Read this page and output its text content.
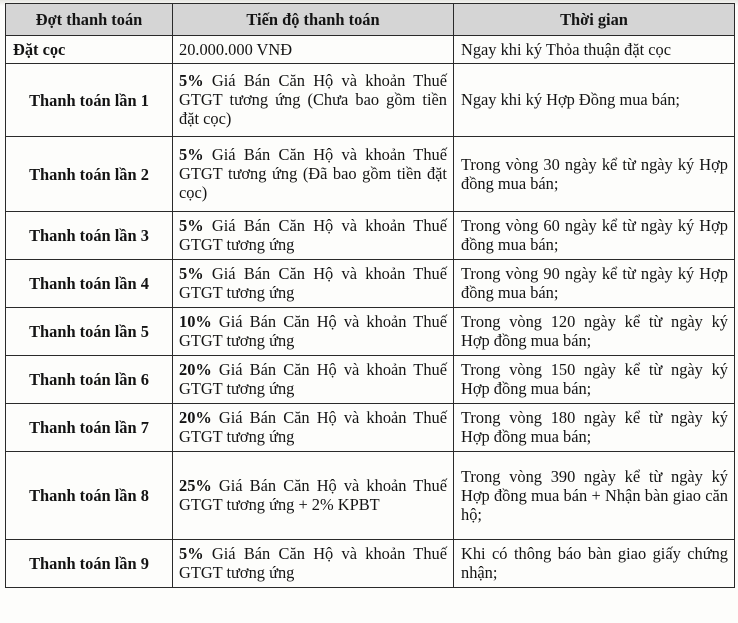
Đợt thanh toán	Tiến độ thanh toán	Thời gian
Đặt cọc	20.000.000 VNĐ	Ngay khi ký Thỏa thuận đặt cọc
Thanh toán lần 1	5% Giá Bán Căn Hộ và khoản Thuế GTGT tương ứng (Chưa bao gồm tiền đặt cọc)	Ngay khi ký Hợp Đồng mua bán;
Thanh toán lần 2	5% Giá Bán Căn Hộ và khoản Thuế GTGT tương ứng (Đã bao gồm tiền đặt cọc)	Trong vòng 30 ngày kể từ ngày ký Hợp đồng mua bán;
Thanh toán lần 3	5% Giá Bán Căn Hộ và khoản Thuế GTGT tương ứng	Trong vòng 60 ngày kể từ ngày ký Hợp đồng mua bán;
Thanh toán lần 4	5% Giá Bán Căn Hộ và khoản Thuế GTGT tương ứng	Trong vòng 90 ngày kể từ ngày ký Hợp đồng mua bán;
Thanh toán lần 5	10% Giá Bán Căn Hộ và khoản Thuế GTGT tương ứng	Trong vòng 120 ngày kể từ ngày ký Hợp đồng mua bán;
Thanh toán lần 6	20% Giá Bán Căn Hộ và khoản Thuế GTGT tương ứng	Trong vòng 150 ngày kể từ ngày ký Hợp đồng mua bán;
Thanh toán lần 7	20% Giá Bán Căn Hộ và khoản Thuế GTGT tương ứng	Trong vòng 180 ngày kể từ ngày ký Hợp đồng mua bán;
Thanh toán lần 8	25% Giá Bán Căn Hộ và khoản Thuế GTGT tương ứng + 2% KPBT	Trong vòng 390 ngày kể từ ngày ký Hợp đồng mua bán + Nhận bàn giao căn hộ;
Thanh toán lần 9	5% Giá Bán Căn Hộ và khoản Thuế GTGT tương ứng	Khi có thông báo bàn giao giấy chứng nhận;
